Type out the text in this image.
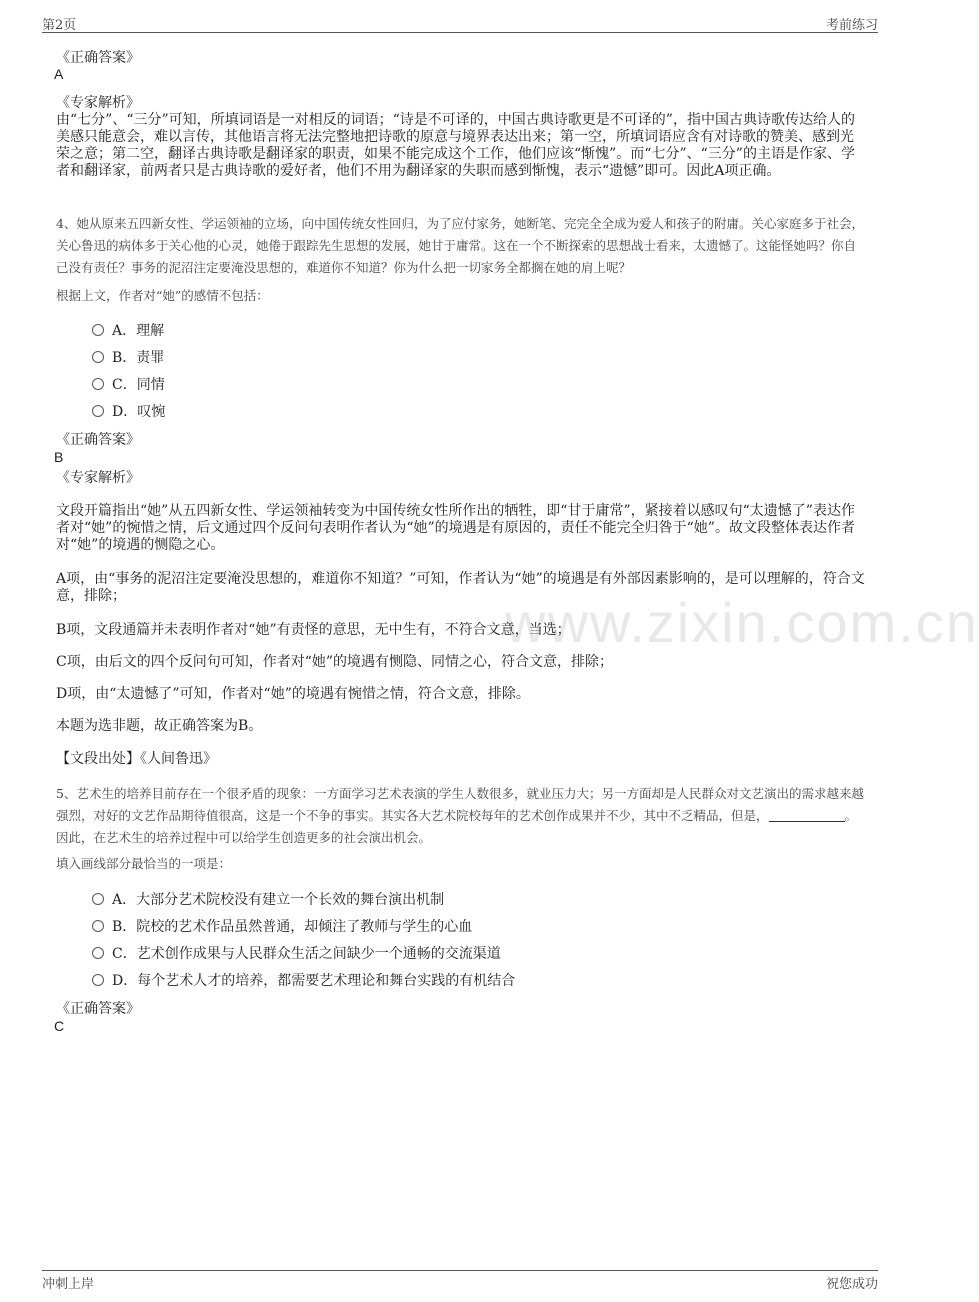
第2页	考前练习
www.zixin.com.cn
《正确答案》
A
《专家解析》
由“七分”、“三分”可知，所填词语是一对相反的词语；“诗是不可译的，中国古典诗歌更是不可译的”，指中国古典诗歌传达给人的美感只能意会，难以言传，其他语言将无法完整地把诗歌的原意与境界表达出来；第一空，所填词语应含有对诗歌的赞美、感到光荣之意；第二空，翻译古典诗歌是翻译家的职责，如果不能完成这个工作，他们应该“惭愧”。而“七分”、“三分”的主语是作家、学者和翻译家，前两者只是古典诗歌的爱好者，他们不用为翻译家的失职而感到惭愧，表示“遗憾”即可。因此A项正确。
4、她从原来五四新女性、学运领袖的立场，向中国传统女性回归，为了应付家务，她断笔、完完全全成为爱人和孩子的附庸。关心家庭多于社会，关心鲁迅的病体多于关心他的心灵，她倦于跟踪先生思想的发展，她甘于庸常。这在一个不断探索的思想战士看来，太遗憾了。这能怪她吗？你自己没有责任？事务的泥沼注定要淹没思想的，难道你不知道？你为什么把一切家务全都搁在她的肩上呢？
根据上文，作者对“她”的感情不包括：
A．理解
B．责罪
C．同情
D．叹惋
《正确答案》
B
《专家解析》
文段开篇指出“她”从五四新女性、学运领袖转变为中国传统女性所作出的牺牲，即“甘于庸常”，紧接着以感叹句“太遗憾了”表达作者对“她”的惋惜之情，后文通过四个反问句表明作者认为“她”的境遇是有原因的，责任不能完全归咎于“她”。故文段整体表达作者对“她”的境遇的恻隐之心。
A项，由“事务的泥沼注定要淹没思想的，难道你不知道？”可知，作者认为“她”的境遇是有外部因素影响的，是可以理解的，符合文意，排除；
B项，文段通篇并未表明作者对“她”有责怪的意思，无中生有，不符合文意，当选；
C项，由后文的四个反问句可知，作者对“她”的境遇有恻隐、同情之心，符合文意，排除；
D项，由“太遗憾了”可知，作者对“她”的境遇有惋惜之情，符合文意，排除。
本题为选非题，故正确答案为B。
【文段出处】《人间鲁迅》
5、艺术生的培养目前存在一个很矛盾的现象：一方面学习艺术表演的学生人数很多，就业压力大；另一方面却是人民群众对文艺演出的需求越来越强烈，对好的文艺作品期待值很高，这是一个不争的事实。其实各大艺术院校每年的艺术创作成果并不少，其中不乏精品，但是，	。因此，在艺术生的培养过程中可以给学生创造更多的社会演出机会。
填入画线部分最恰当的一项是：
A．大部分艺术院校没有建立一个长效的舞台演出机制
B．院校的艺术作品虽然普通，却倾注了教师与学生的心血
C．艺术创作成果与人民群众生活之间缺少一个通畅的交流渠道
D．每个艺术人才的培养，都需要艺术理论和舞台实践的有机结合
《正确答案》
C
冲刺上岸	祝您成功
